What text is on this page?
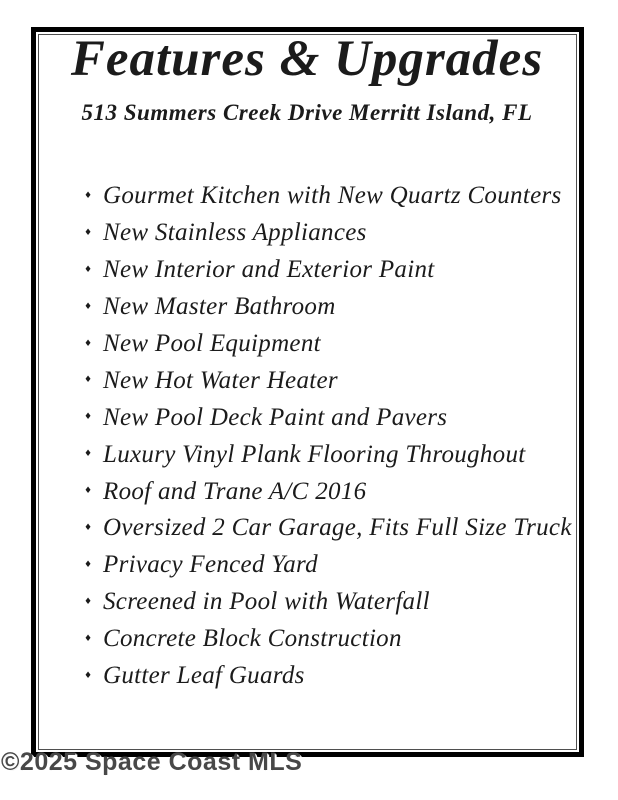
Features & Upgrades
513 Summers Creek Drive Merritt Island, FL
♦ Gourmet Kitchen with New Quartz Counters
♦ New Stainless Appliances
♦ New Interior and Exterior Paint
♦ New Master Bathroom
♦ New Pool Equipment
♦ New Hot Water Heater
♦ New Pool Deck Paint and Pavers
♦ Luxury Vinyl Plank Flooring Throughout
♦ Roof and Trane A/C 2016
♦ Oversized 2 Car Garage, Fits Full Size Truck
♦ Privacy Fenced Yard
♦ Screened in Pool with Waterfall
♦ Concrete Block Construction
♦ Gutter Leaf Guards
©2025 Space Coast MLS
